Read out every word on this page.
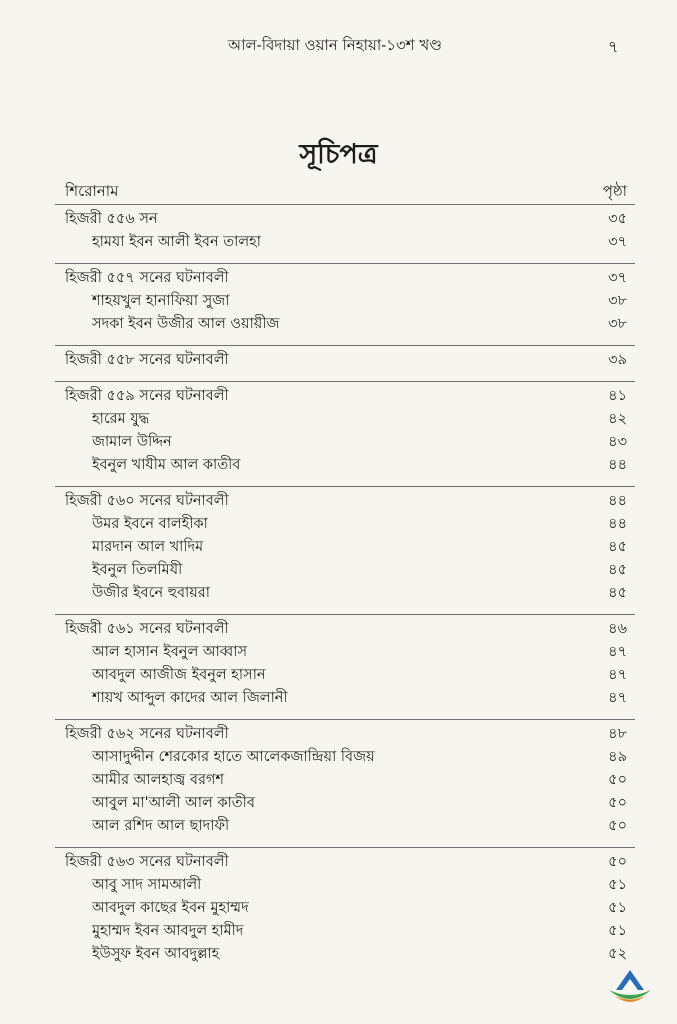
আল-বিদায়া ওয়ান নিহায়া-১৩শ খণ্ড	৭
সূচিপত্র
শিরোনাম	পৃষ্ঠা
হিজরী ৫৫৬ সন	৩৫
হামযা ইবন আলী ইবন তালহা	৩৭
হিজরী ৫৫৭ সনের ঘটনাবলী	৩৭
শাহয়খুল হানাফিয়া সুজা	৩৮
সদকা ইবন উজীর আল ওয়ায়ীজ	৩৮
হিজরী ৫৫৮ সনের ঘটনাবলী	৩৯
হিজরী ৫৫৯ সনের ঘটনাবলী	৪১
হারেম যুদ্ধ	৪২
জামাল উদ্দিন	৪৩
ইবনুল খাযীম আল কাতীব	৪৪
হিজরী ৫৬০ সনের ঘটনাবলী	৪৪
উমর ইবনে বালহীকা	৪৪
মারদান আল খাদিম	৪৫
ইবনুল তিলমিযী	৪৫
উজীর ইবনে হুবায়রা	৪৫
হিজরী ৫৬১ সনের ঘটনাবলী	৪৬
আল হাসান ইবনুল আব্বাস	৪৭
আবদুল আজীজ ইবনুল হাসান	৪৭
শায়খ আব্দুল কাদের আল জিলানী	৪৭
হিজরী ৫৬২ সনের ঘটনাবলী	৪৮
আসাদুদ্দীন শেরকোর হাতে আলেকজান্দ্রিয়া বিজয়	৪৯
আমীর আলহাজ্ব বরগশ	৫০
আবুল মা'আলী আল কাতীব	৫০
আল রশিদ আল ছাদাফী	৫০
হিজরী ৫৬৩ সনের ঘটনাবলী	৫০
আবু সাদ সামআলী	৫১
আবদুল কাছের ইবন মুহাম্মদ	৫১
মুহাম্মদ ইবন আবদুল হামীদ	৫১
ইউসুফ ইবন আবদুল্লাহ	৫২
